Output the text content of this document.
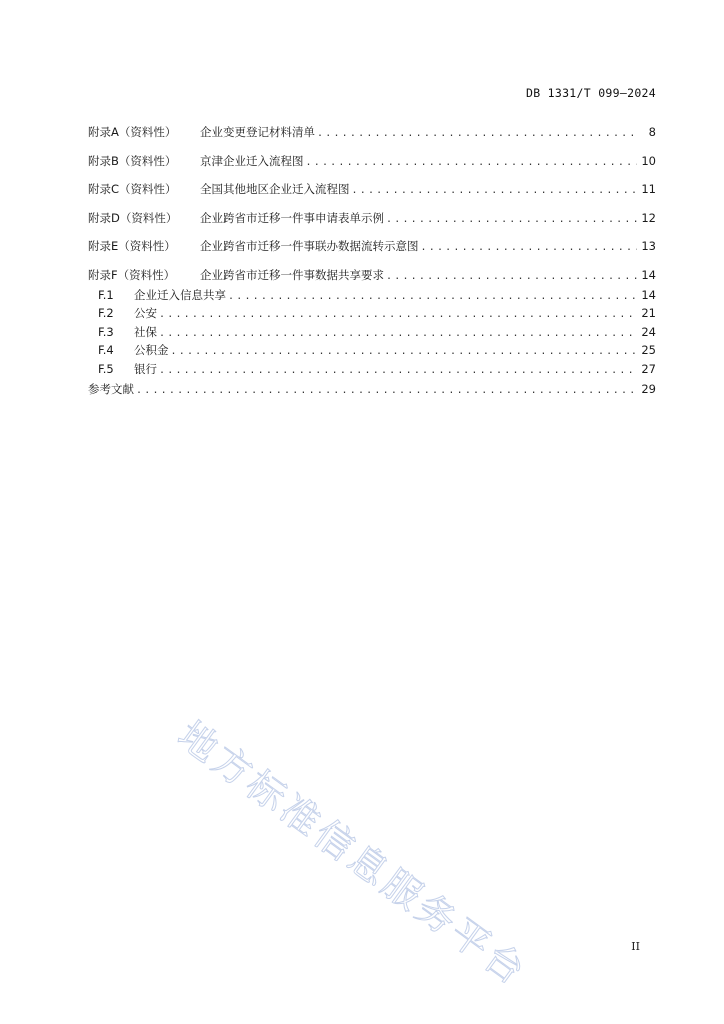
DB 1331/T 099—2024
附录A（资料性）	企业变更登记材料清单 .....	8
附录B（资料性）	京津企业迁入流程图 .....	10
附录C（资料性）	全国其他地区企业迁入流程图 .....	11
附录D（资料性）	企业跨省市迁移一件事申请表单示例 .....	12
附录E（资料性）	企业跨省市迁移一件事联办数据流转示意图 .....	13
附录F（资料性）	企业跨省市迁移一件事数据共享要求 .....	14
F.1	企业迁入信息共享 .....	14
F.2	公安 .....	21
F.3	社保 .....	24
F.4	公积金 .....	25
F.5	银行 .....	27
参考文献 .....	29
地方标准信息服务平台	II
